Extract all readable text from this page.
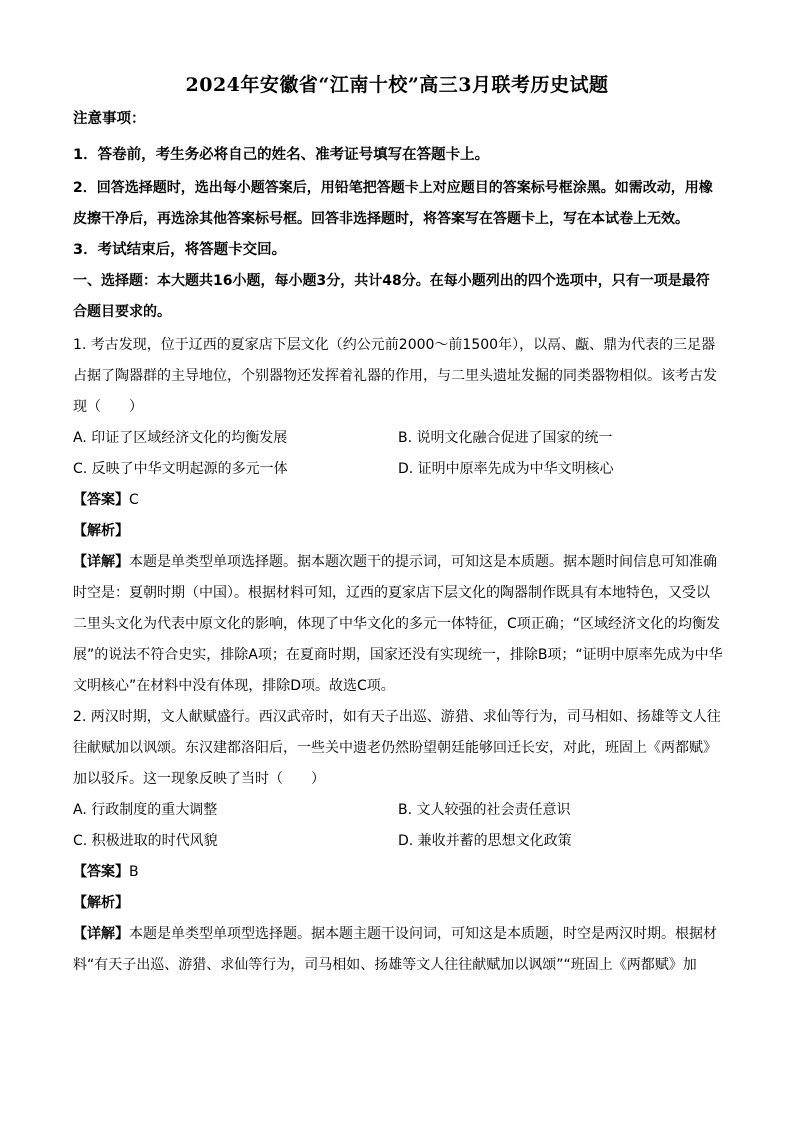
2024年安徽省“江南十校”高三3月联考历史试题
注意事项：
1．答卷前，考生务必将自己的姓名、准考证号填写在答题卡上。
2．回答选择题时，选出每小题答案后，用铅笔把答题卡上对应题目的答案标号框涂黑。如需改动，用橡皮擦干净后，再选涂其他答案标号框。回答非选择题时，将答案写在答题卡上，写在本试卷上无效。
3．考试结束后，将答题卡交回。
一、选择题：本大题共16小题，每小题3分，共计48分。在每小题列出的四个选项中，只有一项是最符合题目要求的。
1. 考古发现，位于辽西的夏家店下层文化（约公元前2000～前1500年），以鬲、甗、鼎为代表的三足器占据了陶器群的主导地位，个别器物还发挥着礼器的作用，与二里头遗址发掘的同类器物相似。该考古发现（　　）
A. 印证了区域经济文化的均衡发展	B. 说明文化融合促进了国家的统一
C. 反映了中华文明起源的多元一体	D. 证明中原率先成为中华文明核心
【答案】C
【解析】
【详解】本题是单类型单项选择题。据本题次题干的提示词，可知这是本质题。据本题时间信息可知准确时空是：夏朝时期（中国）。根据材料可知，辽西的夏家店下层文化的陶器制作既具有本地特色，又受以二里头文化为代表中原文化的影响，体现了中华文化的多元一体特征，C项正确；“区域经济文化的均衡发展”的说法不符合史实，排除A项；在夏商时期，国家还没有实现统一，排除B项；“证明中原率先成为中华文明核心”在材料中没有体现，排除D项。故选C项。
2. 两汉时期，文人献赋盛行。西汉武帝时，如有天子出巡、游猎、求仙等行为，司马相如、扬雄等文人往往献赋加以讽颂。东汉建都洛阳后，一些关中遗老仍然盼望朝廷能够回迁长安，对此，班固上《两都赋》加以驳斥。这一现象反映了当时（　　）
A. 行政制度的重大调整	B. 文人较强的社会责任意识
C. 积极进取的时代风貌	D. 兼收并蓄的思想文化政策
【答案】B
【解析】
【详解】本题是单类型单项型选择题。据本题主题干设问词，可知这是本质题，时空是两汉时期。根据材料“有天子出巡、游猎、求仙等行为，司马相如、扬雄等文人往往献赋加以讽颂”“班固上《两都赋》加
